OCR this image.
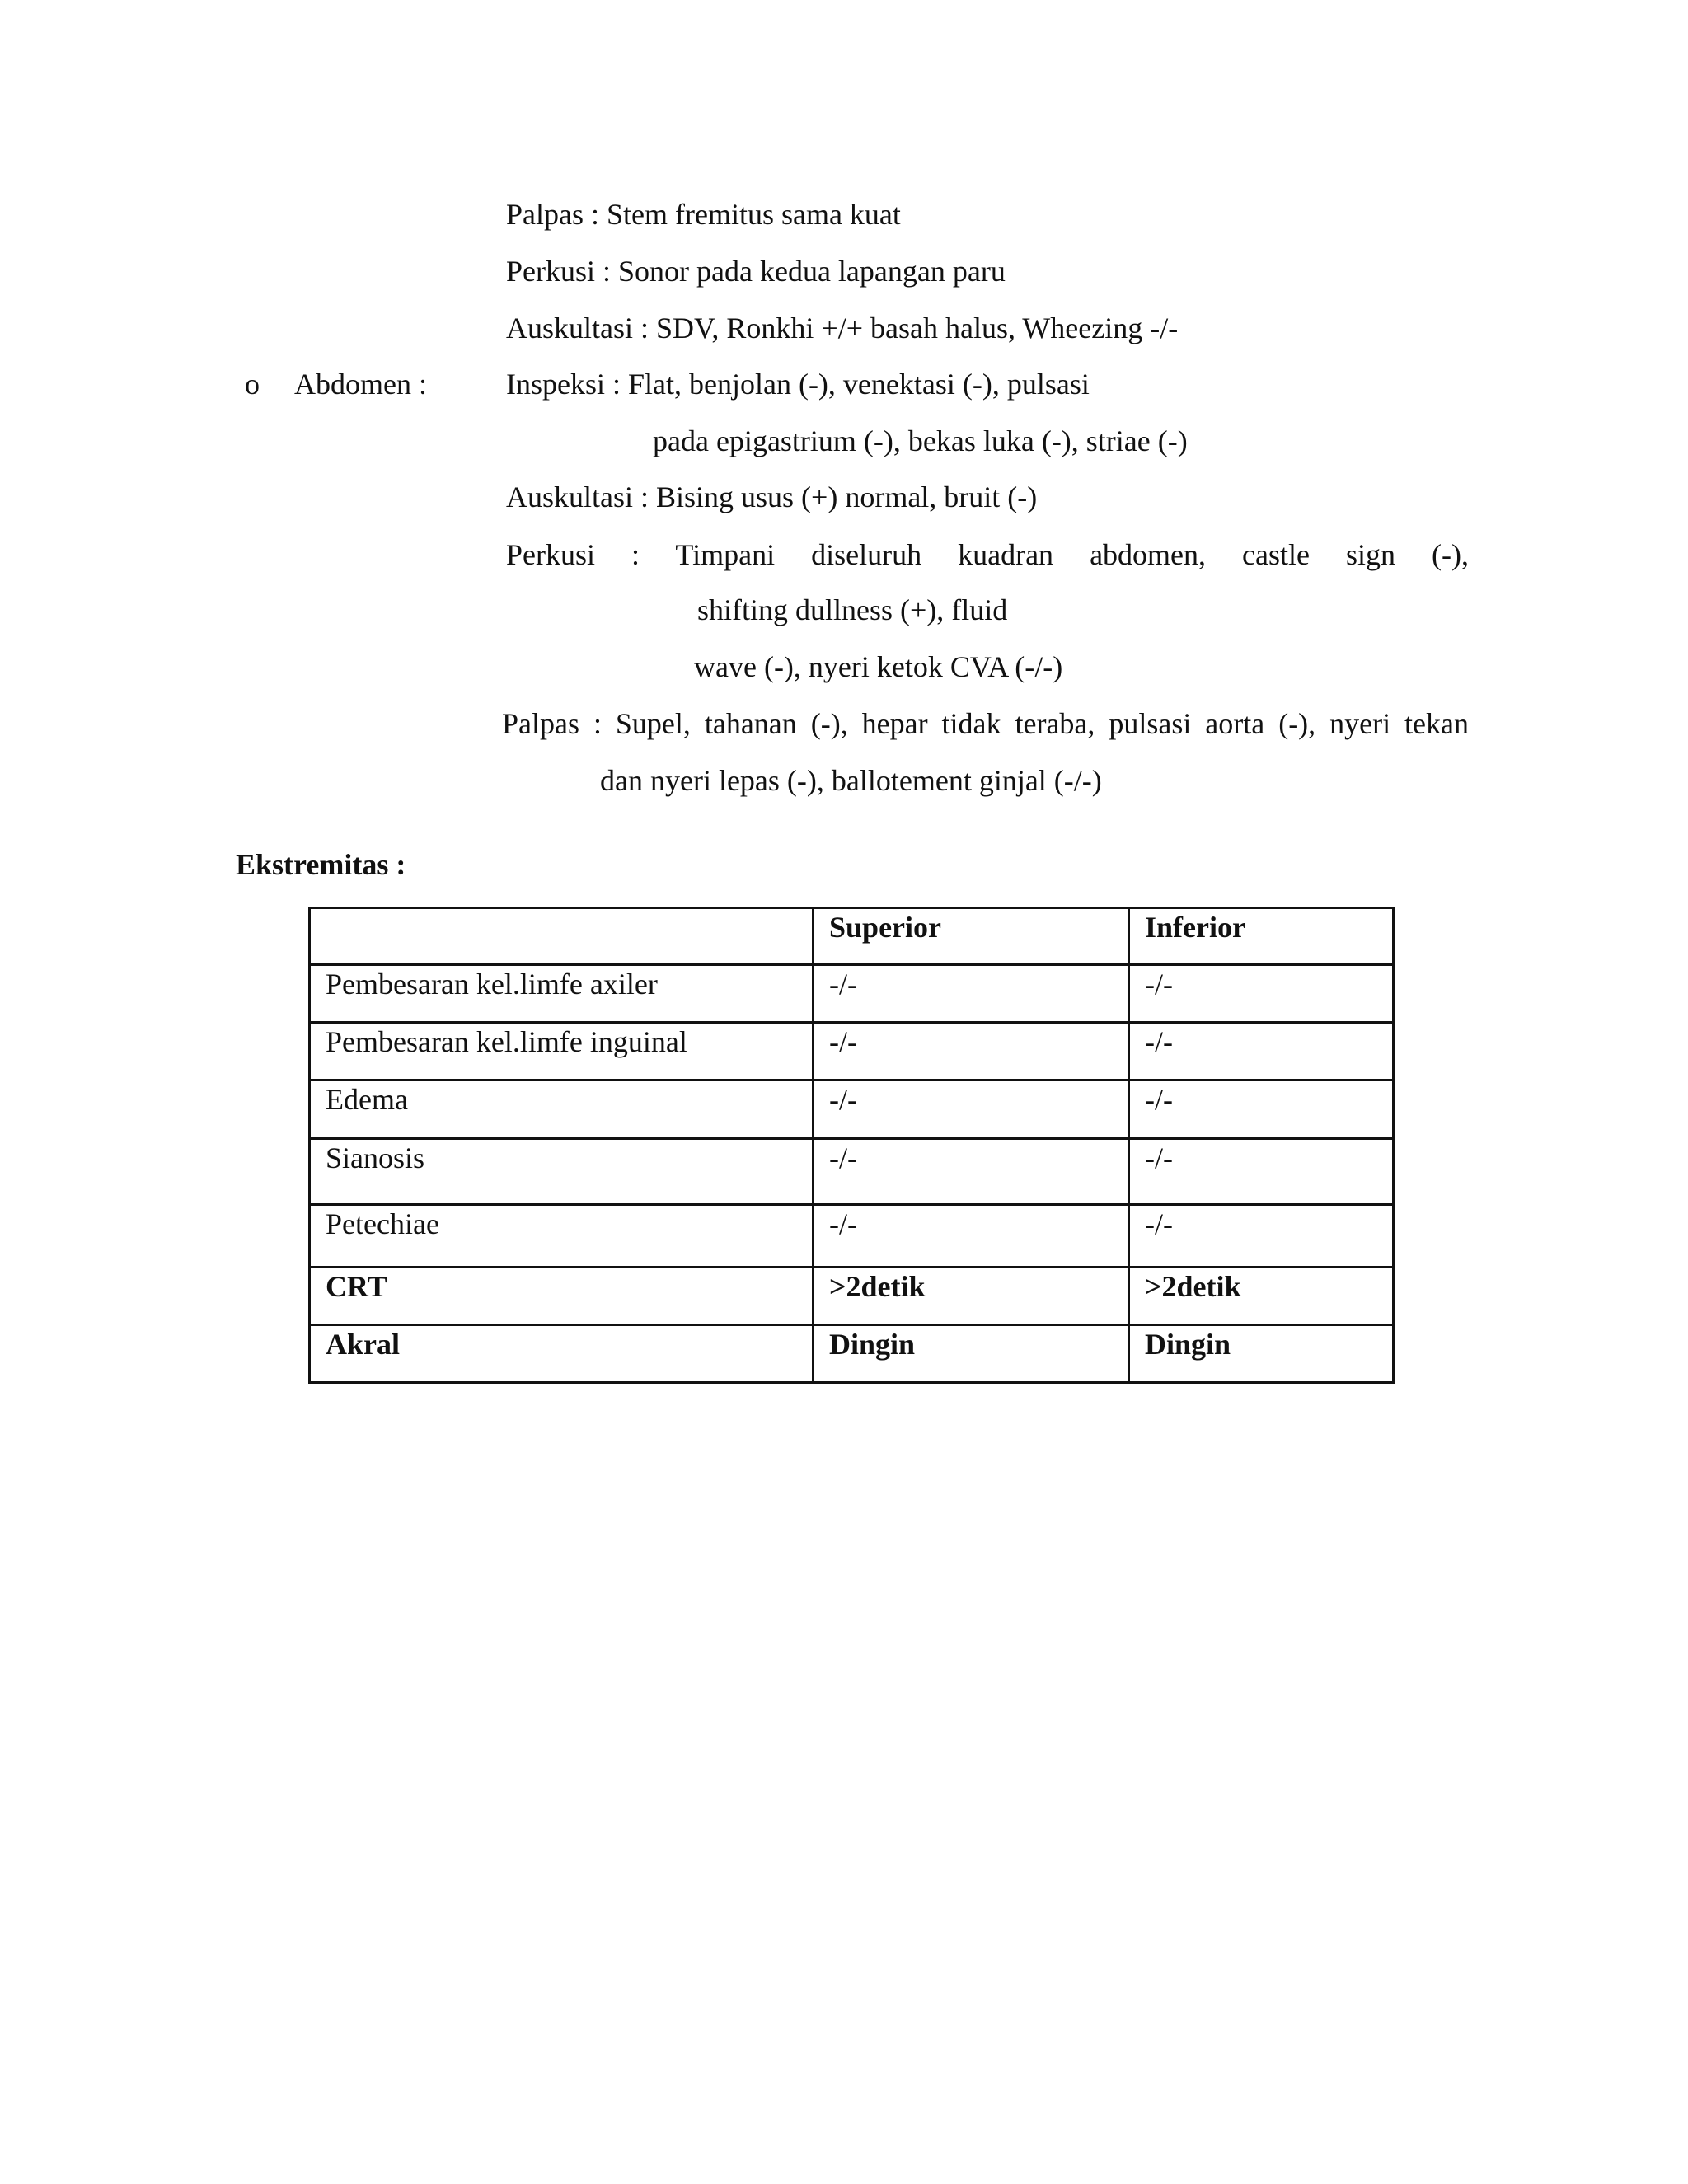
Palpas : Stem fremitus sama kuat
Perkusi : Sonor pada kedua lapangan paru
Auskultasi : SDV, Ronkhi +/+ basah halus, Wheezing -/-
o Abdomen :	Inspeksi : Flat, benjolan (-), venektasi (-), pulsasi
pada epigastrium (-), bekas luka (-), striae (-)
Auskultasi : Bising usus (+) normal, bruit (-)
Perkusi : Timpani diseluruh kuadran abdomen, castle sign (-),
shifting dullness (+), fluid
wave (-), nyeri ketok CVA (-/-)
Palpas : Supel, tahanan (-), hepar tidak teraba, pulsasi aorta (-), nyeri tekan
dan nyeri lepas (-), ballotement ginjal (-/-)
Ekstremitas :
	Superior	Inferior
Pembesaran kel.limfe axiler	-/-	-/-
Pembesaran kel.limfe inguinal	-/-	-/-
Edema	-/-	-/-
Sianosis	-/-	-/-
Petechiae	-/-	-/-
CRT	>2detik	>2detik
Akral	Dingin	Dingin
